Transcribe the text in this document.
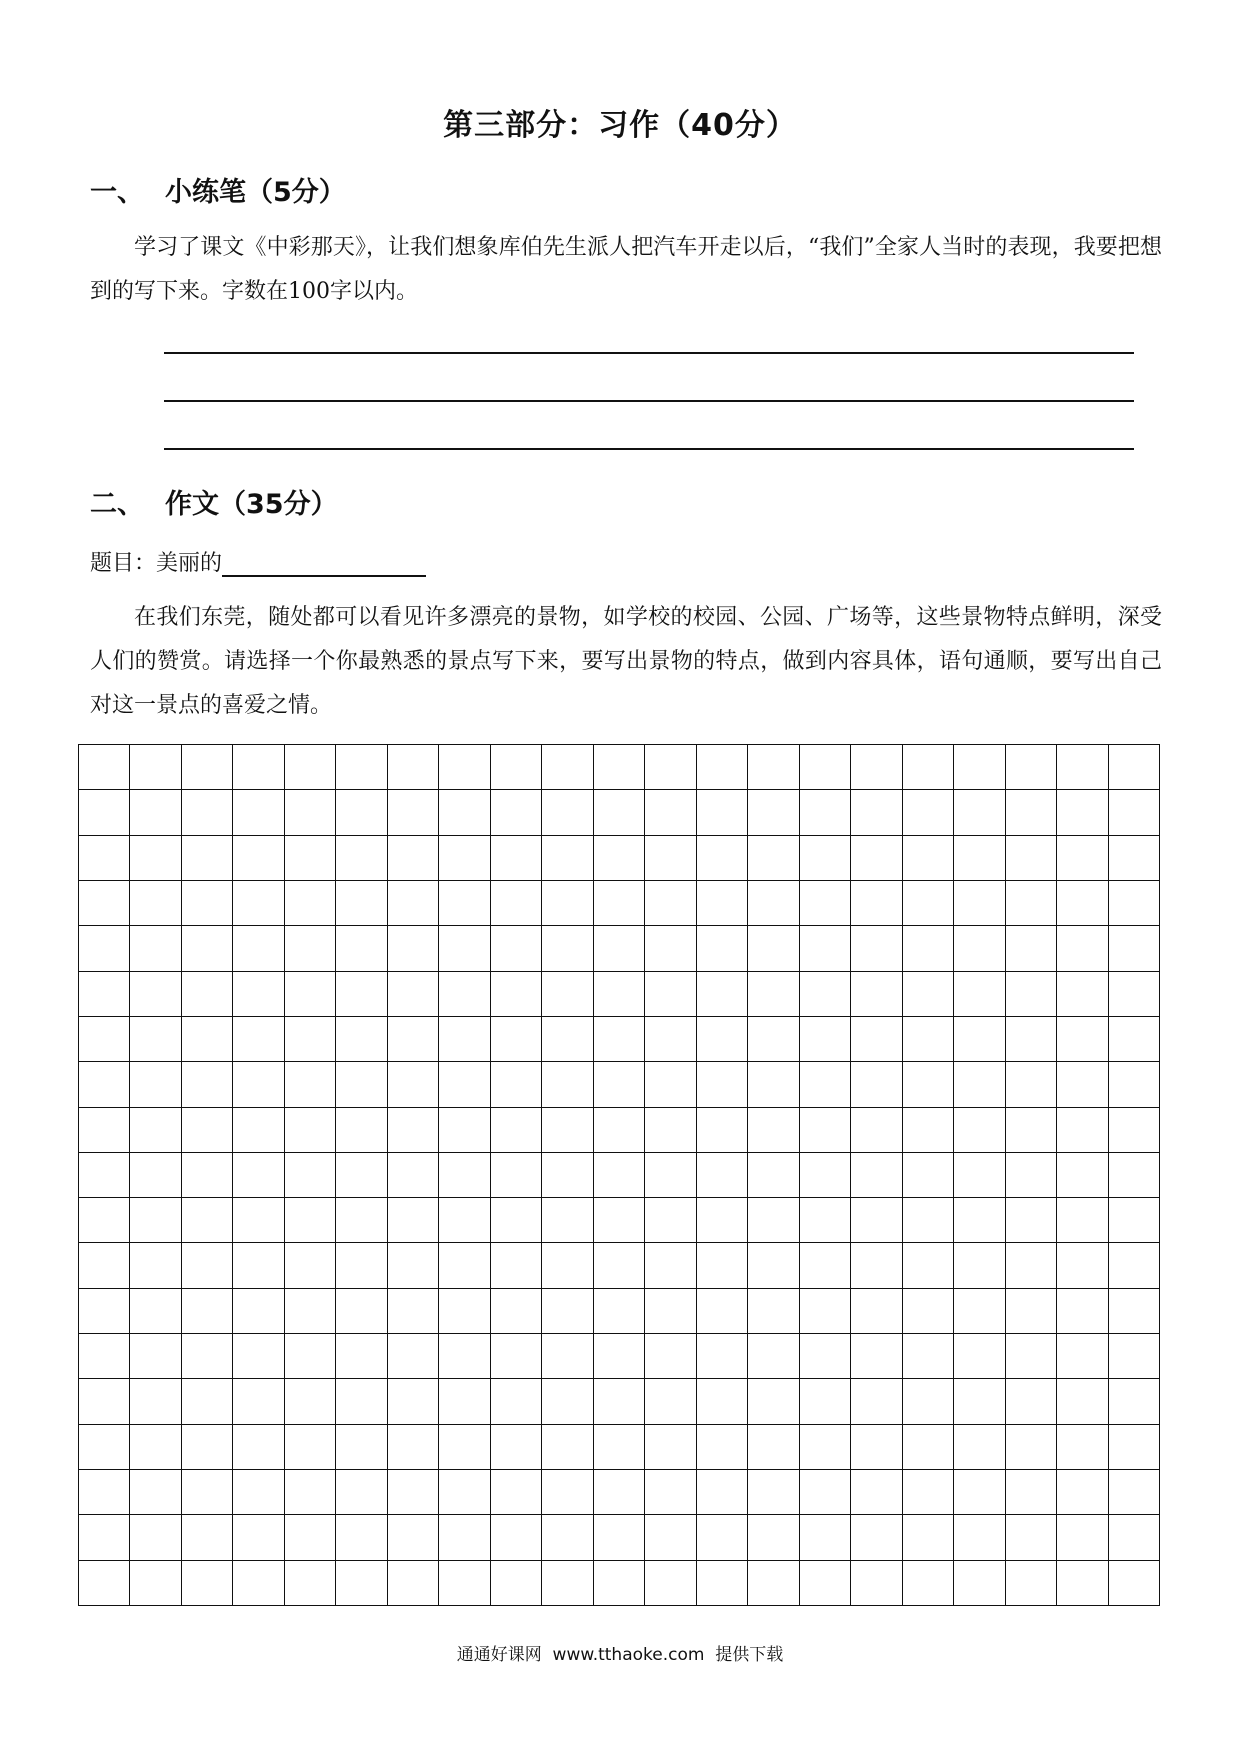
第三部分：习作（40分）
一、 小练笔（5分）
学习了课文《中彩那天》，让我们想象库伯先生派人把汽车开走以后，“我们”全家人当时的表现，我要把想到的写下来。字数在100字以内。
二、 作文（35分）
题目：美丽的
在我们东莞，随处都可以看见许多漂亮的景物，如学校的校园、公园、广场等，这些景物特点鲜明，深受人们的赞赏。请选择一个你最熟悉的景点写下来，要写出景物的特点，做到内容具体，语句通顺，要写出自己对这一景点的喜爱之情。
通通好课网  www.tthaoke.com  提供下载
